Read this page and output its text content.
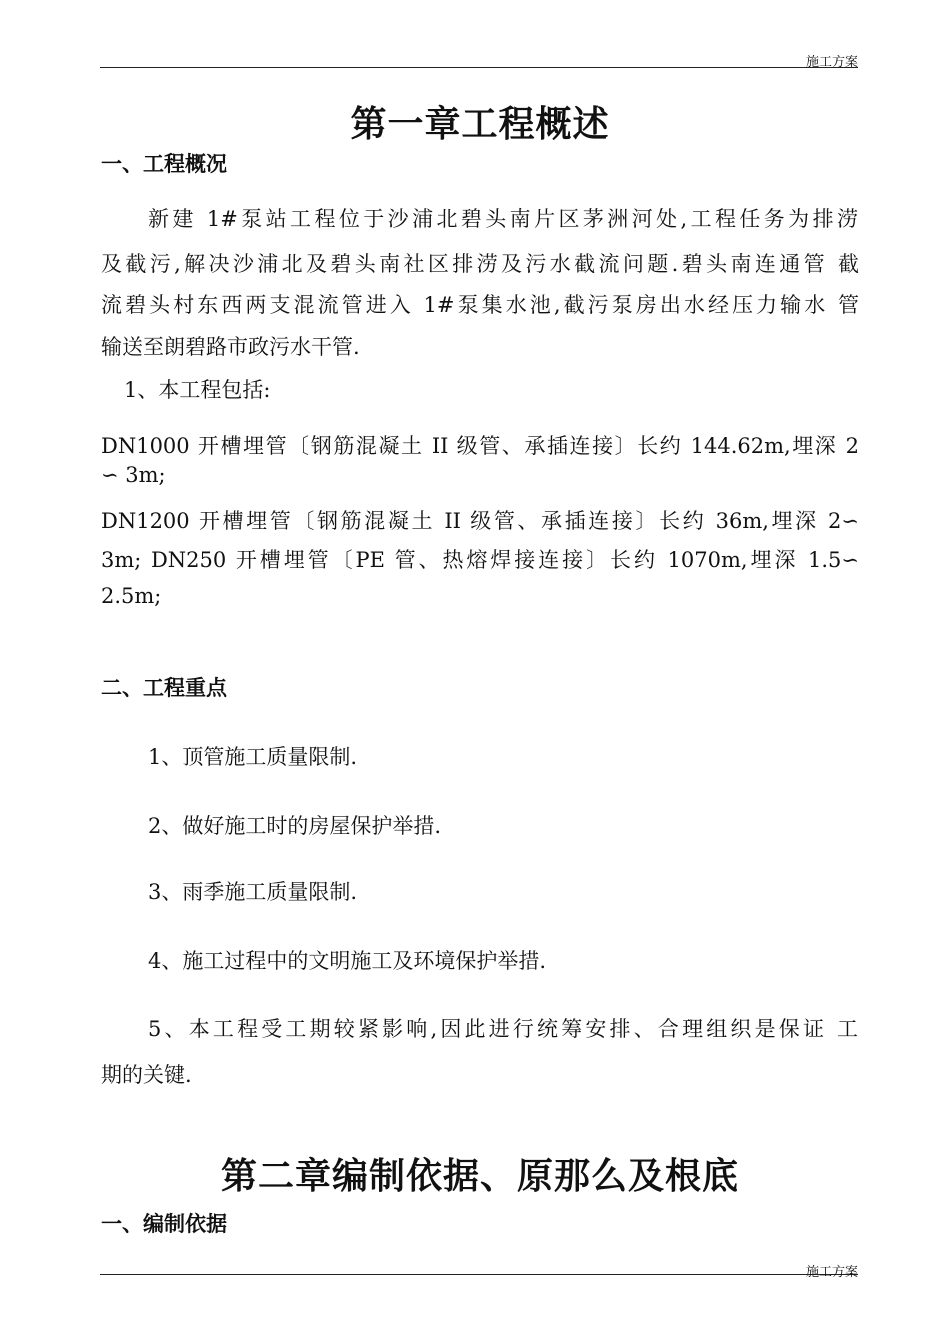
施工方案
第一章工程概述
一、工程概况
新建 1#泵站工程位于沙浦北碧头南片区茅洲河处,工程任务为排涝
及截污,解决沙浦北及碧头南社区排涝及污水截流问题.碧头南连通管 截
流碧头村东西两支混流管进入 1#泵集水池,截污泵房出水经压力输水 管
输送至朗碧路市政污水干管.
1、本工程包括:
DN1000 开槽埋管〔钢筋混凝土 II 级管、承插连接〕长约 144.62m,埋深 2
∽ 3m;
DN1200 开槽埋管〔钢筋混凝土 II 级管、承插连接〕长约 36m,埋深 2∽
3m; DN250 开槽埋管〔PE 管、热熔焊接连接〕长约 1070m,埋深 1.5∽
2.5m;
二、工程重点
1、顶管施工质量限制.
2、做好施工时的房屋保护举措.
3、雨季施工质量限制.
4、施工过程中的文明施工及环境保护举措.
5、本工程受工期较紧影响,因此进行统筹安排、合理组织是保证 工
期的关键.
第二章编制依据、原那么及根底
一、编制依据
施工方案
